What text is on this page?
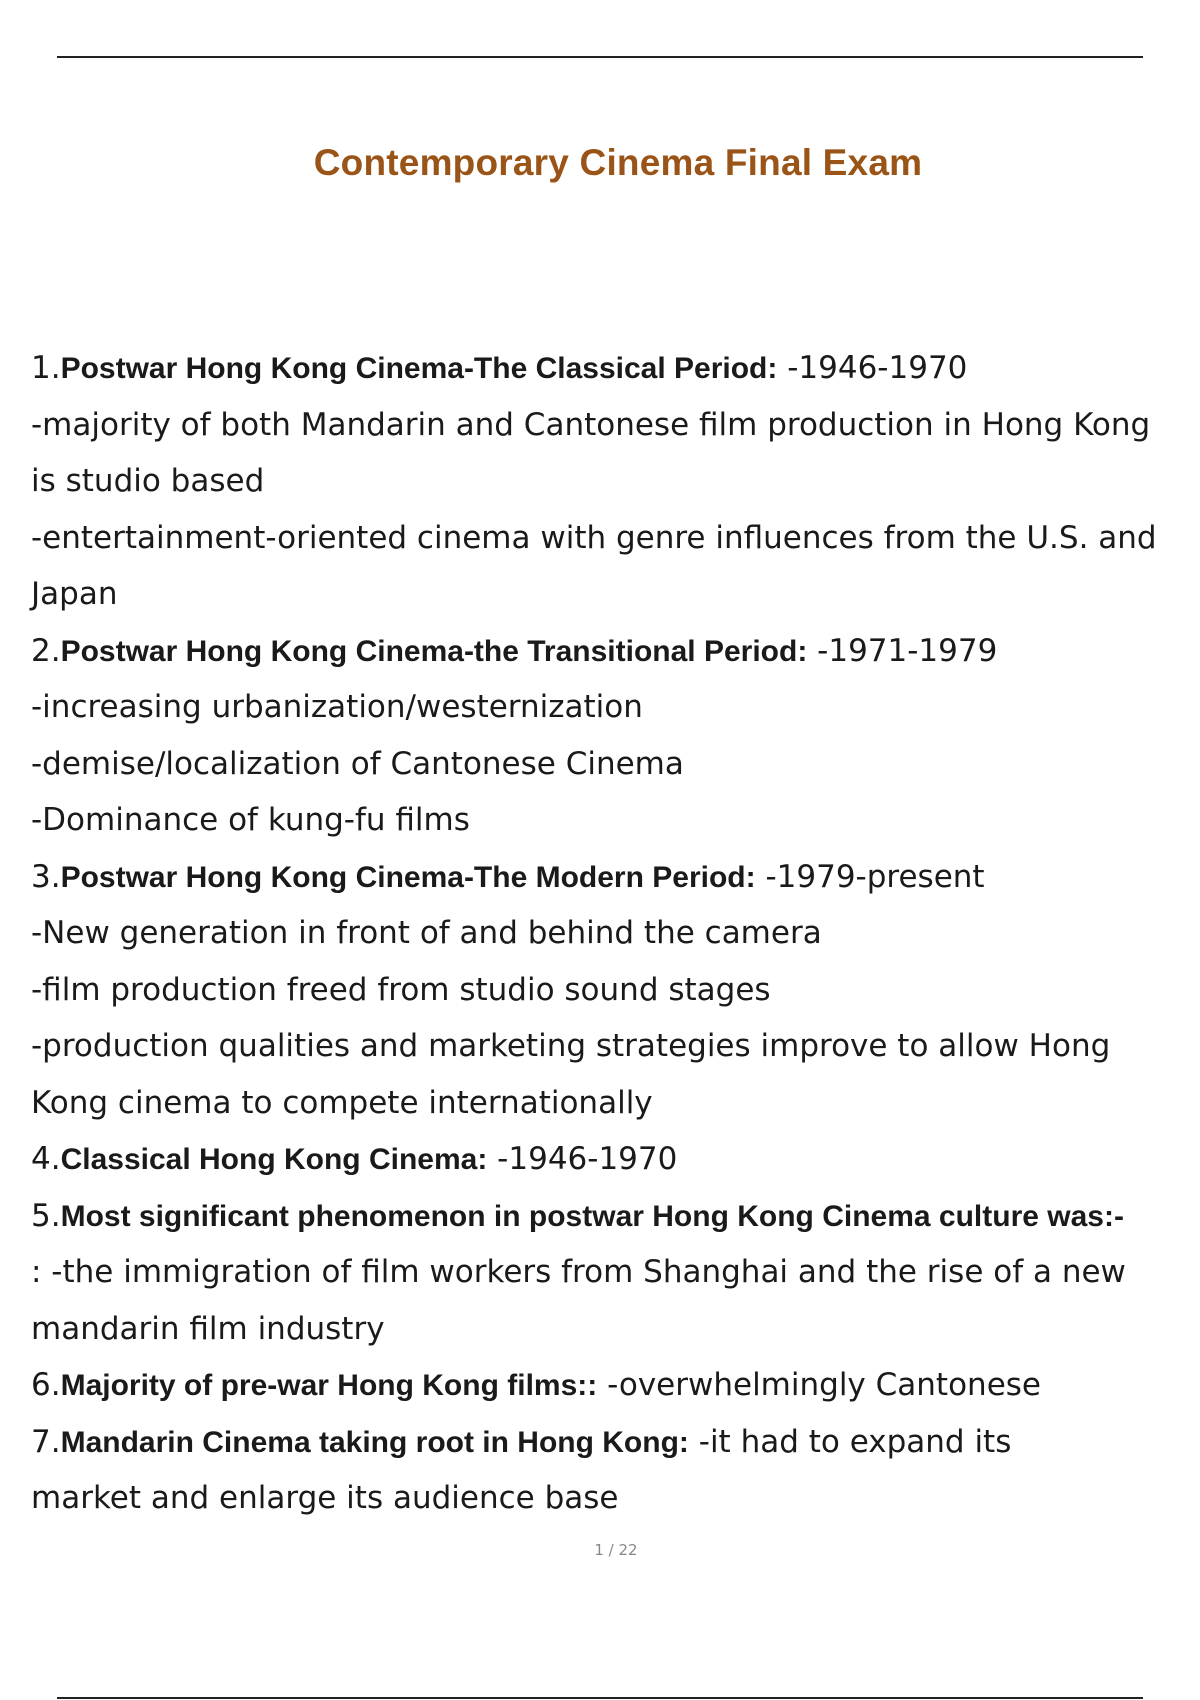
Contemporary Cinema Final Exam
1.Postwar Hong Kong Cinema-The Classical Period: -1946-1970
-majority of both Mandarin and Cantonese film production in Hong Kong
is studio based
-entertainment-oriented cinema with genre influences from the U.S. and
Japan
2.Postwar Hong Kong Cinema-the Transitional Period: -1971-1979
-increasing urbanization/westernization
-demise/localization of Cantonese Cinema
-Dominance of kung-fu films
3.Postwar Hong Kong Cinema-The Modern Period: -1979-present
-New generation in front of and behind the camera
-film production freed from studio sound stages
-production qualities and marketing strategies improve to allow Hong
Kong cinema to compete internationally
4.Classical Hong Kong Cinema: -1946-1970
5.Most significant phenomenon in postwar Hong Kong Cinema culture was:-
: -the immigration of film workers from Shanghai and the rise of a new
mandarin film industry
6.Majority of pre-war Hong Kong films:: -overwhelmingly Cantonese
7.Mandarin Cinema taking root in Hong Kong: -it had to expand its
market and enlarge its audience base
1 / 22
